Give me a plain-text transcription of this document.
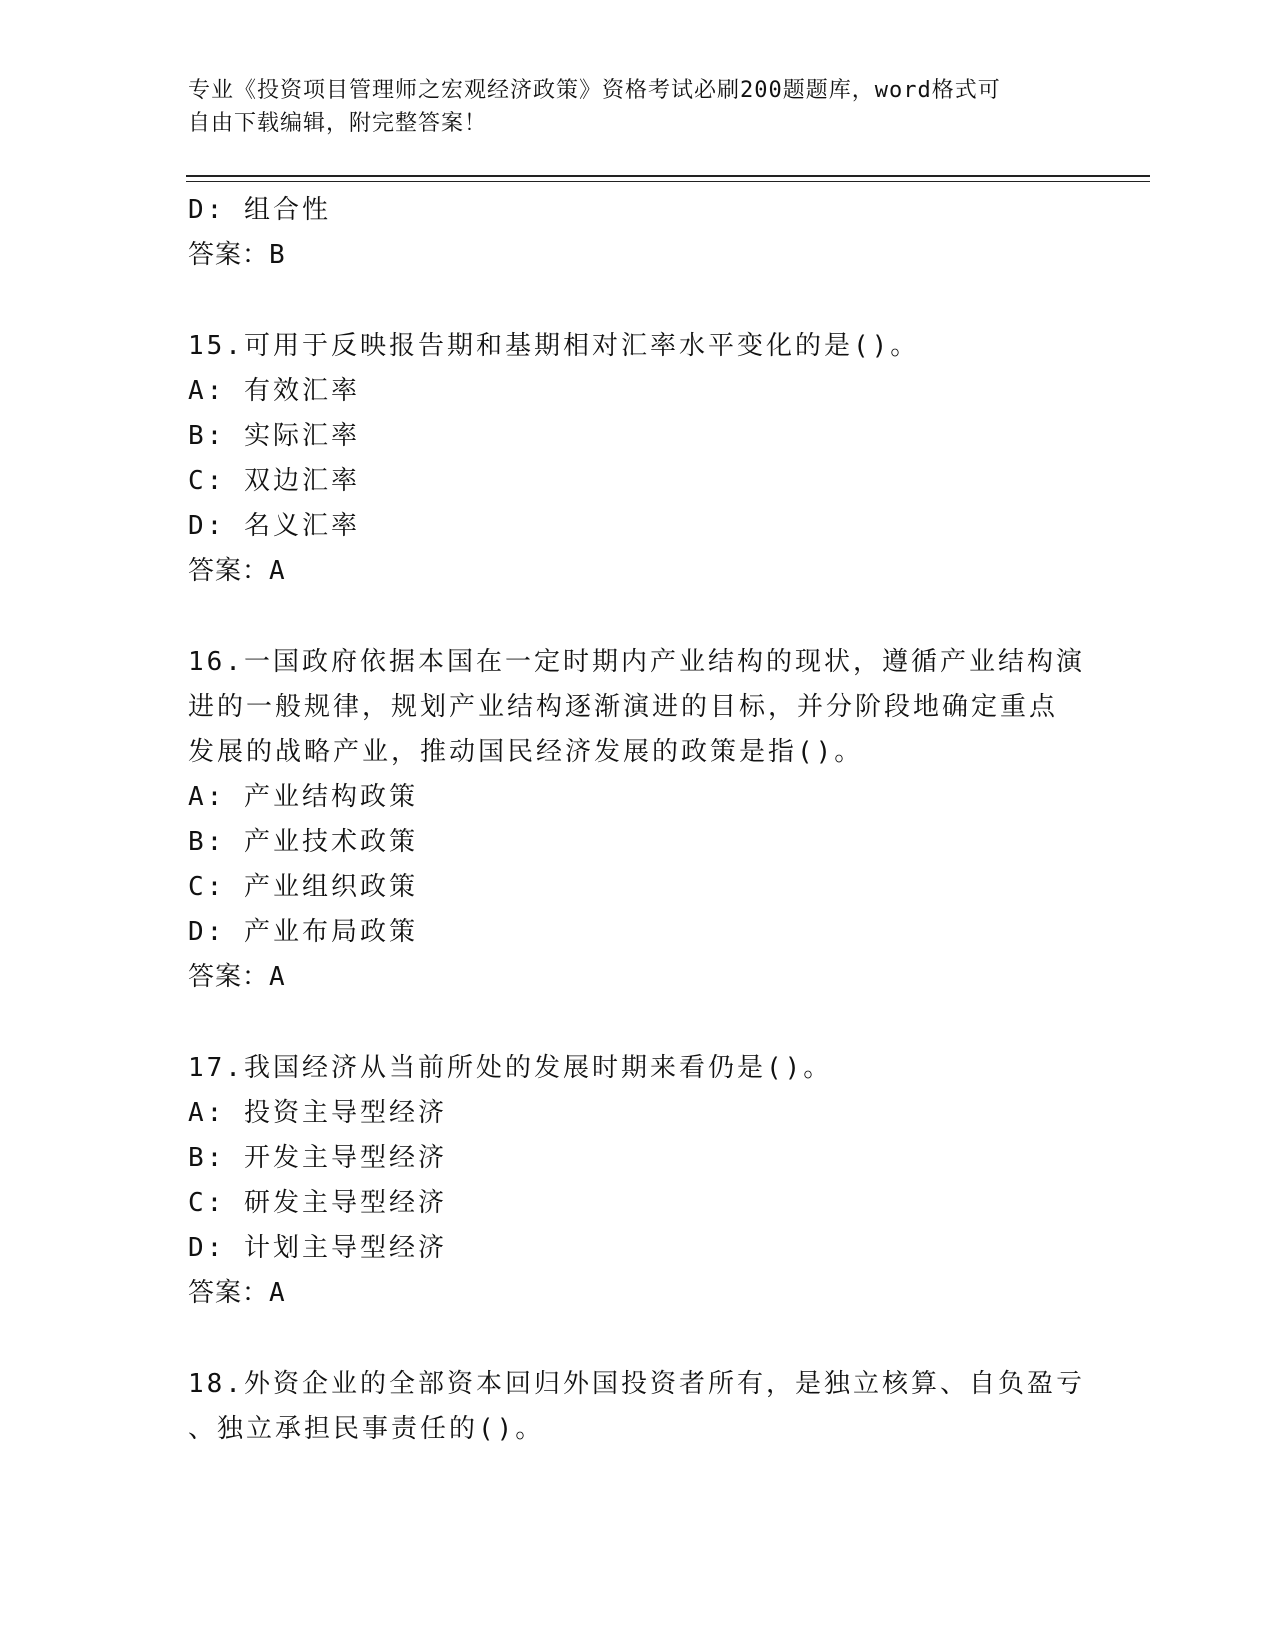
专业《投资项目管理师之宏观经济政策》资格考试必刷200题题库，word格式可
自由下载编辑，附完整答案！
D: 组合性
答案：B
15.可用于反映报告期和基期相对汇率水平变化的是()。
A: 有效汇率
B: 实际汇率
C: 双边汇率
D: 名义汇率
答案：A
16.一国政府依据本国在一定时期内产业结构的现状，遵循产业结构演
进的一般规律，规划产业结构逐渐演进的目标，并分阶段地确定重点
发展的战略产业，推动国民经济发展的政策是指()。
A: 产业结构政策
B: 产业技术政策
C: 产业组织政策
D: 产业布局政策
答案：A
17.我国经济从当前所处的发展时期来看仍是()。
A: 投资主导型经济
B: 开发主导型经济
C: 研发主导型经济
D: 计划主导型经济
答案：A
18.外资企业的全部资本回归外国投资者所有，是独立核算、自负盈亏
、独立承担民事责任的()。
